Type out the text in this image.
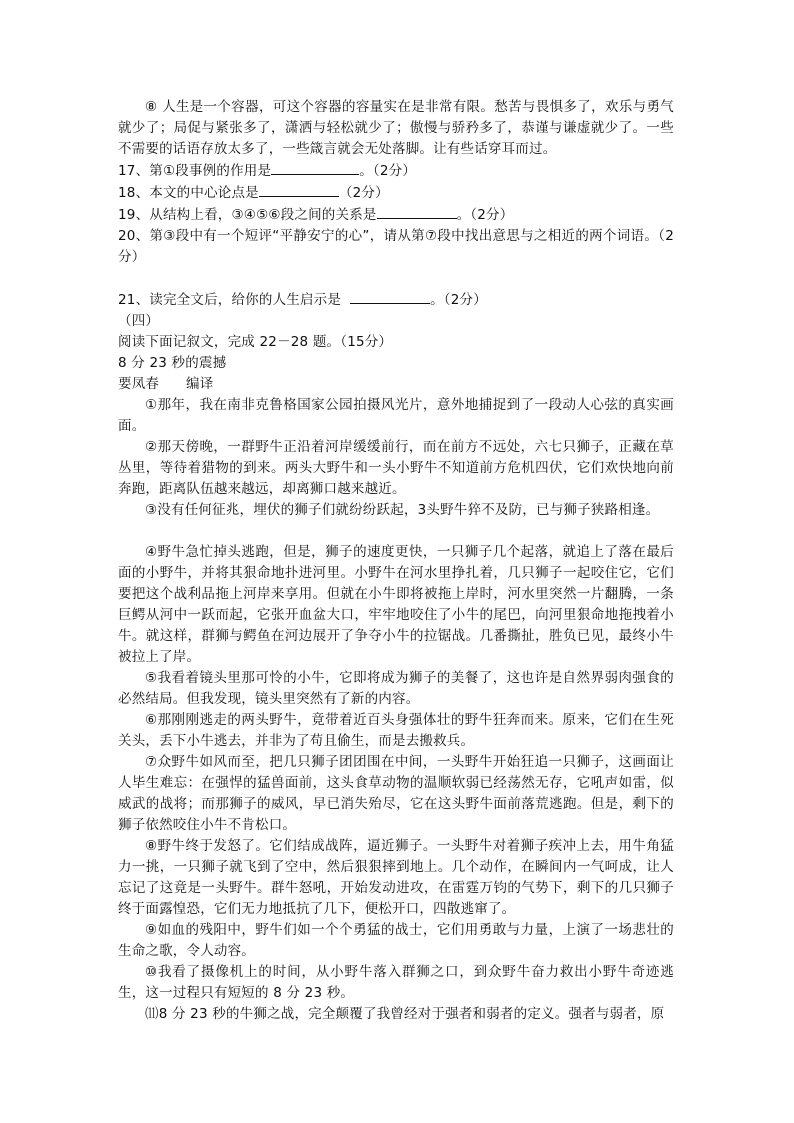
⑧ 人生是一个容器，可这个容器的容量实在是非常有限。愁苦与畏惧多了，欢乐与勇气就少了；局促与紧张多了，潇洒与轻松就少了；傲慢与骄矜多了，恭谨与谦虚就少了。一些不需要的话语存放太多了，一些箴言就会无处落脚。让有些话穿耳而过。

17、第①段事例的作用是	。（2分）

18、本文的中心论点是	（2分）

19、从结构上看，③④⑤⑥段之间的关系是	。（2分）

20、第③段中有一个短评“平静安宁的心”，请从第⑦段中找出意思与之相近的两个词语。（2分）

21、读完全文后，给你的人生启示是	。（2分）

（四）

阅读下面记叙文，完成 22－28 题。（15分）

8 分 23 秒的震撼

要凤春      编译

①那年，我在南非克鲁格国家公园拍摄风光片，意外地捕捉到了一段动人心弦的真实画面。

②那天傍晚，一群野牛正沿着河岸缓缓前行，而在前方不远处，六七只狮子，正藏在草丛里，等待着猎物的到来。两头大野牛和一头小野牛不知道前方危机四伏，它们欢快地向前奔跑，距离队伍越来越远，却离狮口越来越近。

③没有任何征兆，埋伏的狮子们就纷纷跃起，3头野牛猝不及防，已与狮子狭路相逢。

④野牛急忙掉头逃跑，但是，狮子的速度更快，一只狮子几个起落，就追上了落在最后面的小野牛，并将其狠命地扑进河里。小野牛在河水里挣扎着，几只狮子一起咬住它，它们要把这个战利品拖上河岸来享用。但就在小牛即将被拖上岸时，河水里突然一片翻腾，一条巨鳄从河中一跃而起，它张开血盆大口，牢牢地咬住了小牛的尾巴，向河里狠命地拖拽着小牛。就这样，群狮与鳄鱼在河边展开了争夺小牛的拉锯战。几番撕扯，胜负已见，最终小牛被拉上了岸。

⑤我看着镜头里那可怜的小牛，它即将成为狮子的美餐了，这也许是自然界弱肉强食的必然结局。但我发现，镜头里突然有了新的内容。

⑥那刚刚逃走的两头野牛，竟带着近百头身强体壮的野牛狂奔而来。原来，它们在生死关头，丢下小牛逃去，并非为了苟且偷生，而是去搬救兵。

⑦众野牛如风而至，把几只狮子团团围在中间，一头野牛开始狂追一只狮子，这画面让人毕生难忘：在强悍的猛兽面前，这头食草动物的温顺软弱已经荡然无存，它吼声如雷，似威武的战将；而那狮子的威风，早已消失殆尽，它在这头野牛面前落荒逃跑。但是，剩下的狮子依然咬住小牛不肯松口。

⑧野牛终于发怒了。它们结成战阵，逼近狮子。一头野牛对着狮子疾冲上去，用牛角猛力一挑，一只狮子就飞到了空中，然后狠狠摔到地上。几个动作，在瞬间内一气呵成，让人忘记了这竟是一头野牛。群牛怒吼，开始发动进攻，在雷霆万钧的气势下，剩下的几只狮子终于面露惶恐，它们无力地抵抗了几下，便松开口，四散逃窜了。

⑨如血的残阳中，野牛们如一个个勇猛的战士，它们用勇敢与力量，上演了一场悲壮的生命之歌，令人动容。

⑩我看了摄像机上的时间，从小野牛落入群狮之口，到众野牛奋力救出小野牛奇迹逃生，这一过程只有短短的 8 分 23 秒。

⑾8 分 23 秒的牛狮之战，完全颠覆了我曾经对于强者和弱者的定义。强者与弱者，原
